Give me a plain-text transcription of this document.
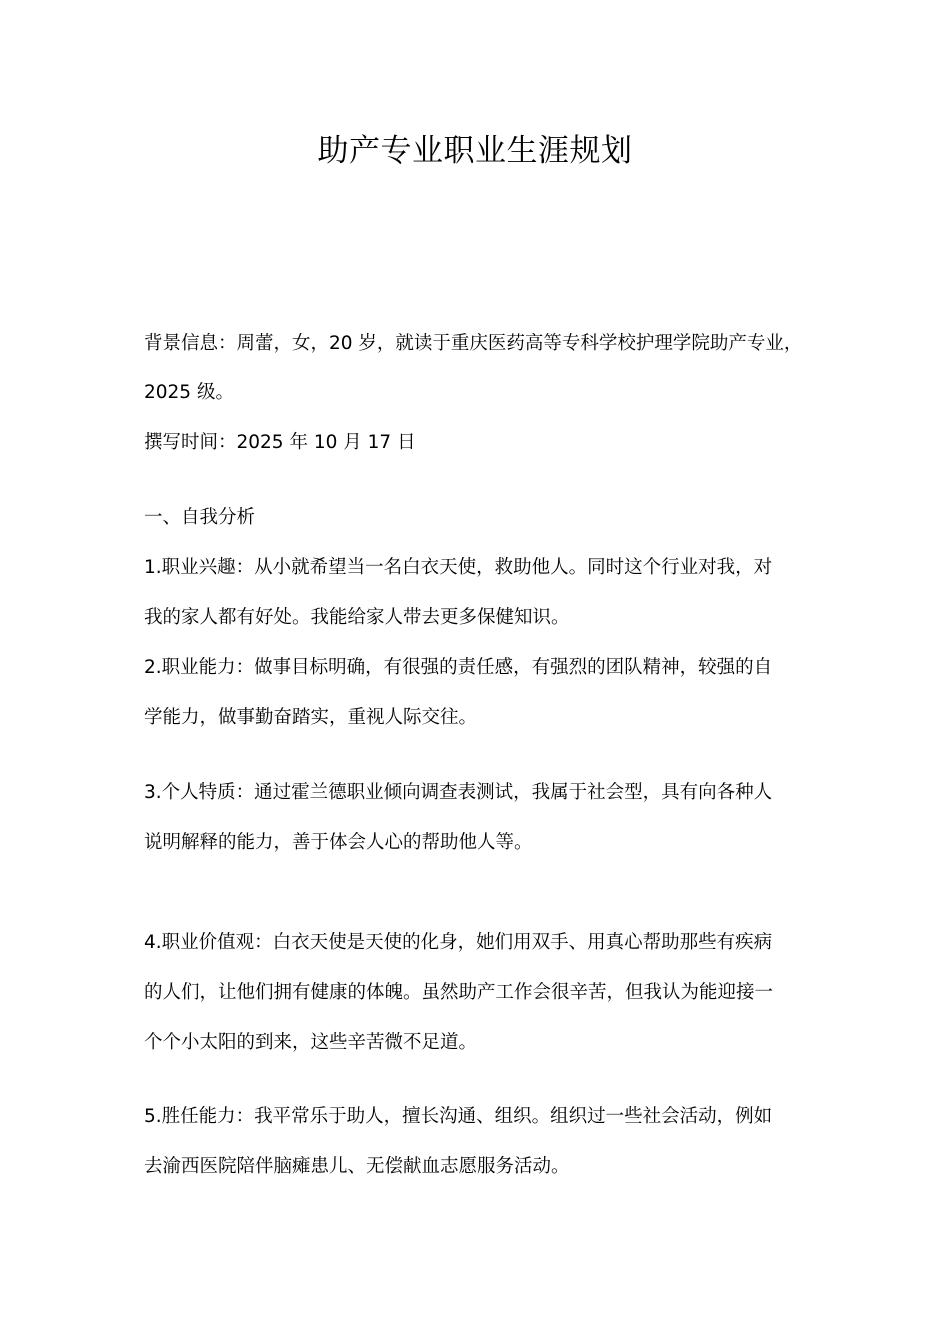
助产专业职业生涯规划
背景信息：周蕾，女，20 岁，就读于重庆医药高等专科学校护理学院助产专业，
2025 级。
撰写时间：2025 年 10 月 17 日
一、自我分析
1.职业兴趣：从小就希望当一名白衣天使，救助他人。同时这个行业对我，对
我的家人都有好处。我能给家人带去更多保健知识。
2.职业能力：做事目标明确，有很强的责任感，有强烈的团队精神，较强的自
学能力，做事勤奋踏实，重视人际交往。
3.个人特质：通过霍兰德职业倾向调查表测试，我属于社会型，具有向各种人
说明解释的能力，善于体会人心的帮助他人等。
4.职业价值观：白衣天使是天使的化身，她们用双手、用真心帮助那些有疾病
的人们，让他们拥有健康的体魄。虽然助产工作会很辛苦，但我认为能迎接一
个个小太阳的到来，这些辛苦微不足道。
5.胜任能力：我平常乐于助人，擅长沟通、组织。组织过一些社会活动，例如
去渝西医院陪伴脑瘫患儿、无偿献血志愿服务活动。
